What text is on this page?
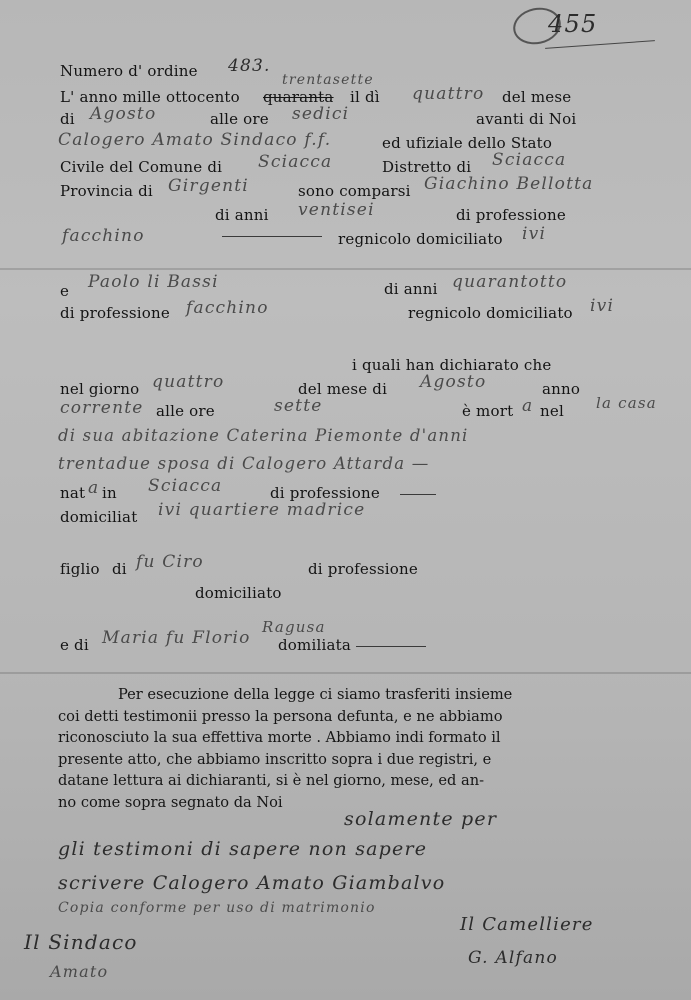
455
Numero d' ordine 483.
trentasette
L' anno mille ottocento quaranta il dì quattro del mese
di Agosto	alle ore sedici	avanti di Noi
Calogero Amato Sindaco f.f.	ed ufiziale dello Stato
Civile del Comune di Sciacca	Distretto di Sciacca
Provincia di Girgenti	sono comparsi Giachino Bellotta
di anni ventisei	di professione
facchino	regnicolo domiciliato ivi
e Paolo li Bassi	di anni quarantotto
di professione facchino	regnicolo domiciliato ivi
i quali han dichiarato che
nel giorno quattro	del mese di Agosto	anno
corrente alle ore	sette	è mort a nel la casa
di sua abitazione Caterina Piemonte d'anni
trentadue sposa di Calogero Attarda —
nat a in Sciacca	di professione
domiciliat ivi quartiere madrice
figlio di fu Ciro	di professione
domiciliato
Ragusa
e di Maria fu Florio domiliata
Per esecuzione della legge ci siamo trasferiti insieme
coi detti testimonii presso la persona defunta, e ne abbiamo
riconosciuto la sua effettiva morte . Abbiamo indi formato il
presente atto, che abbiamo inscritto sopra i due registri, e
datane lettura ai dichiaranti, si è nel giorno, mese, ed an-
no come sopra segnato da Noi
solamente per
gli testimoni di sapere non sapere
scrivere Calogero Amato Giambalvo
Copia conforme per uso di matrimonio
Il Camelliere
Il Sindaco
Amato
G. Alfano
